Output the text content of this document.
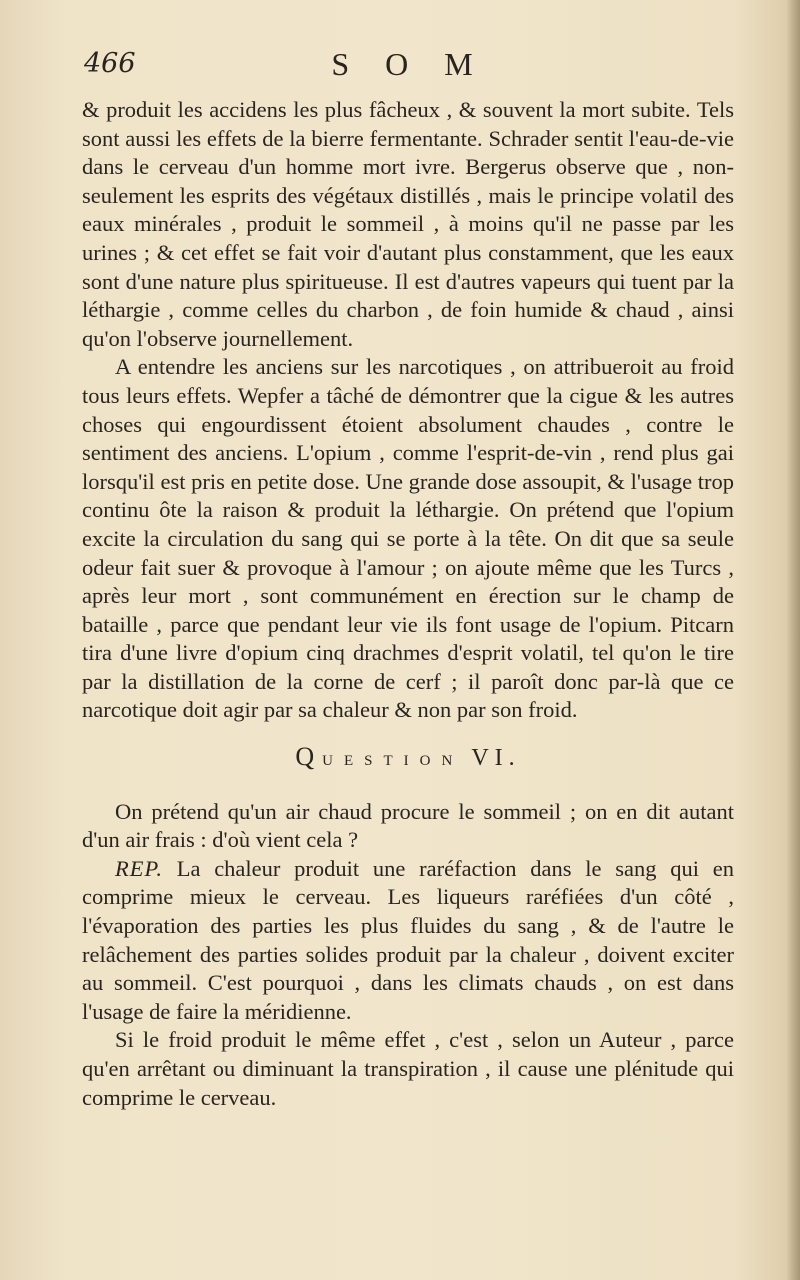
466	S O M

& produit les accidens les plus fâcheux , & souvent la mort subite. Tels sont aussi les effets de la bierre fermentante. Schrader sentit l'eau-de-vie dans le cerveau d'un homme mort ivre. Bergerus observe que , non-seulement les esprits des végétaux distillés , mais le principe volatil des eaux minérales , produit le sommeil , à moins qu'il ne passe par les urines ; & cet effet se fait voir d'autant plus constamment, que les eaux sont d'une nature plus spiritueuse. Il est d'autres vapeurs qui tuent par la léthargie , comme celles du charbon , de foin humide & chaud , ainsi qu'on l'observe journellement.

A entendre les anciens sur les narcotiques , on attribueroit au froid tous leurs effets. Wepfer a tâché de démontrer que la cigue & les autres choses qui engourdissent étoient absolument chaudes , contre le sentiment des anciens. L'opium , comme l'esprit-de-vin , rend plus gai lorsqu'il est pris en petite dose. Une grande dose assoupit, & l'usage trop continu ôte la raison & produit la léthargie. On prétend que l'opium excite la circulation du sang qui se porte à la tête. On dit que sa seule odeur fait suer & provoque à l'amour ; on ajoute même que les Turcs , après leur mort , sont communément en érection sur le champ de bataille , parce que pendant leur vie ils font usage de l'opium. Pitcarn tira d'une livre d'opium cinq drachmes d'esprit volatil, tel qu'on le tire par la distillation de la corne de cerf ; il paroît donc par-là que ce narcotique doit agir par sa chaleur & non par son froid.

QUESTION VI.

On prétend qu'un air chaud procure le sommeil ; on en dit autant d'un air frais : d'où vient cela ?

REP. La chaleur produit une raréfaction dans le sang qui en comprime mieux le cerveau. Les liqueurs raréfiées d'un côté , l'évaporation des parties les plus fluides du sang , & de l'autre le relâchement des parties solides produit par la chaleur , doivent exciter au sommeil. C'est pourquoi , dans les climats chauds , on est dans l'usage de faire la méridienne.

Si le froid produit le même effet , c'est , selon un Auteur , parce qu'en arrêtant ou diminuant la transpiration , il cause une plénitude qui comprime le cerveau.
